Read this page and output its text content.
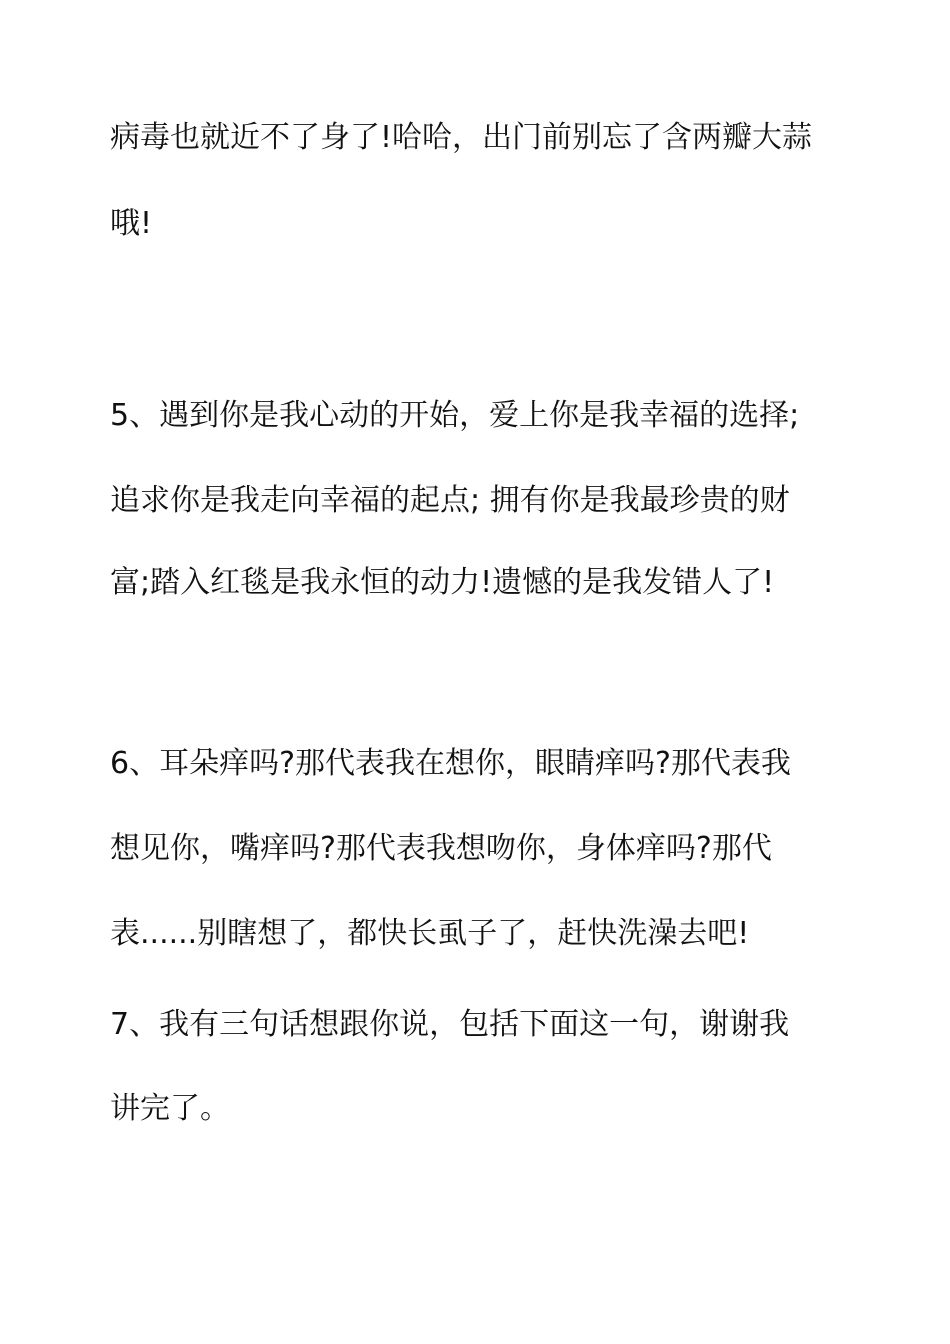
病毒也就近不了身了!哈哈，出门前别忘了含两瓣大蒜
哦!
5、遇到你是我心动的开始，爱上你是我幸福的选择;
追求你是我走向幸福的起点; 拥有你是我最珍贵的财
富;踏入红毯是我永恒的动力!遗憾的是我发错人了!
6、耳朵痒吗?那代表我在想你，眼睛痒吗?那代表我
想见你，嘴痒吗?那代表我想吻你，身体痒吗?那代
表......别瞎想了，都快长虱子了，赶快洗澡去吧!
7、我有三句话想跟你说，包括下面这一句，谢谢我
讲完了。
